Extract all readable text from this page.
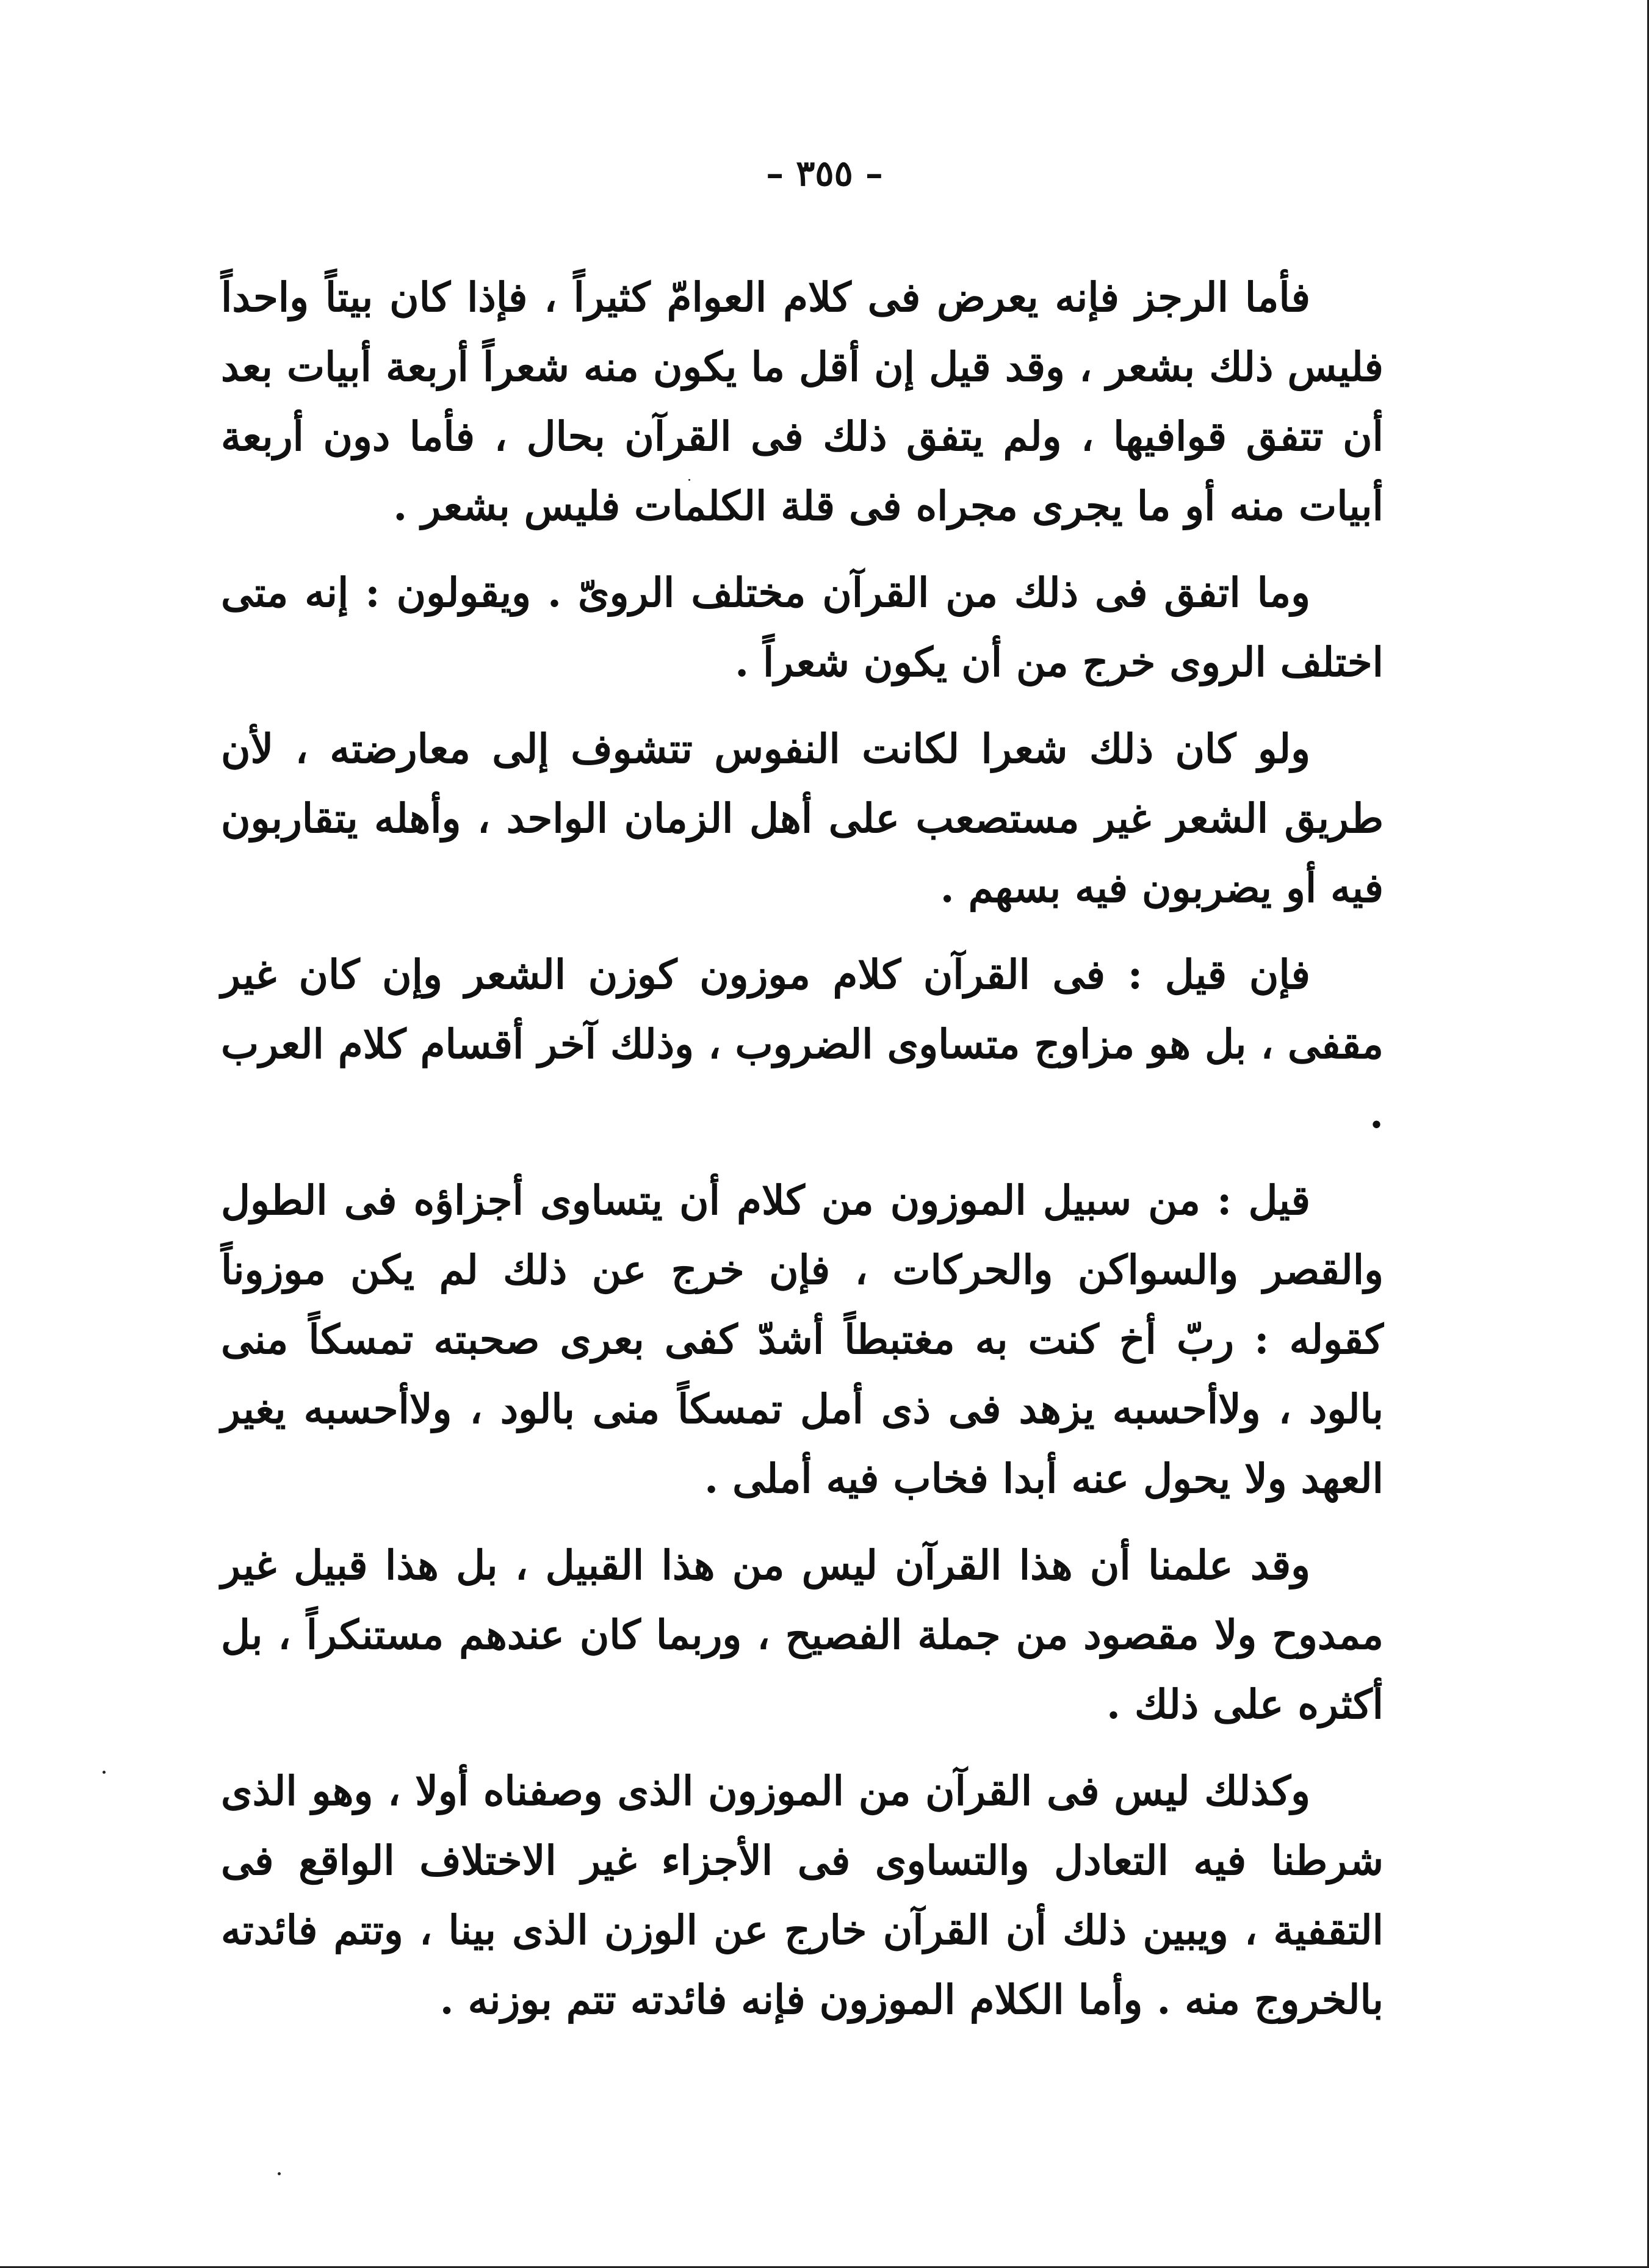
– ٣٥٥ –

فأما الرجز فإنه يعرض فى كلام العوامّ كثيراً ، فإذا كان بيتاً واحداً فليس ذلك بشعر ، وقد قيل إن أقل ما يكون منه شعراً أربعة أبيات بعد أن تتفق قوافيها ، ولم يتفق ذلك فى القرآن بحال ، فأما دون أربعة أبيات منه أو ما يجرى مجراه فى قلة الكلمات فليس بشعر .

وما اتفق فى ذلك من القرآن مختلف الروىّ . ويقولون : إنه متى اختلف الروى خرج من أن يكون شعراً .

ولو كان ذلك شعرا لكانت النفوس تتشوف إلى معارضته ، لأن طريق الشعر غير مستصعب على أهل الزمان الواحد ، وأهله يتقاربون فيه أو يضربون فيه بسهم .

فإن قيل : فى القرآن كلام موزون كوزن الشعر وإن كان غير مقفى ، بل هو مزاوج متساوى الضروب ، وذلك آخر أقسام كلام العرب .

قيل : من سبيل الموزون من كلام أن يتساوى أجزاؤه فى الطول والقصر والسواكن والحركات ، فإن خرج عن ذلك لم يكن موزوناً كقوله : ربّ أخ كنت به مغتبطاً أشدّ كفى بعرى صحبته تمسكاً منى بالود ، ولاأحسبه يزهد فى ذى أمل تمسكاً منى بالود ، ولاأحسبه يغير العهد ولا يحول عنه أبدا فخاب فيه أملى .

وقد علمنا أن هذا القرآن ليس من هذا القبيل ، بل هذا قبيل غير ممدوح ولا مقصود من جملة الفصيح ، وربما كان عندهم مستنكراً ، بل أكثره على ذلك .

وكذلك ليس فى القرآن من الموزون الذى وصفناه أولا ، وهو الذى شرطنا فيه التعادل والتساوى فى الأجزاء غير الاختلاف الواقع فى التقفية ، ويبين ذلك أن القرآن خارج عن الوزن الذى بينا ، وتتم فائدته بالخروج منه . وأما الكلام الموزون فإنه فائدته تتم بوزنه .
